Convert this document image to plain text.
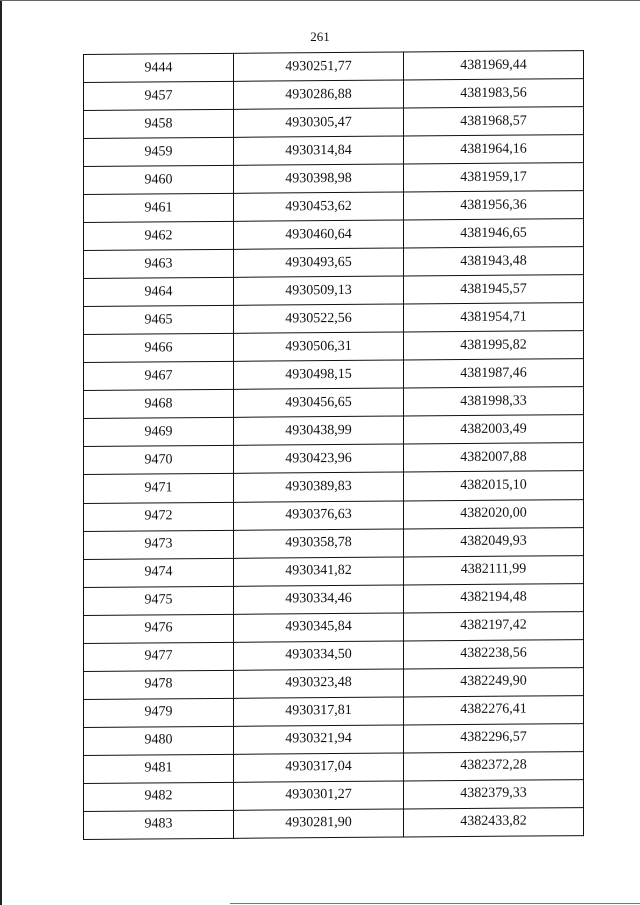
261
9444	4930251,77	4381969,44
9457	4930286,88	4381983,56
9458	4930305,47	4381968,57
9459	4930314,84	4381964,16
9460	4930398,98	4381959,17
9461	4930453,62	4381956,36
9462	4930460,64	4381946,65
9463	4930493,65	4381943,48
9464	4930509,13	4381945,57
9465	4930522,56	4381954,71
9466	4930506,31	4381995,82
9467	4930498,15	4381987,46
9468	4930456,65	4381998,33
9469	4930438,99	4382003,49
9470	4930423,96	4382007,88
9471	4930389,83	4382015,10
9472	4930376,63	4382020,00
9473	4930358,78	4382049,93
9474	4930341,82	4382111,99
9475	4930334,46	4382194,48
9476	4930345,84	4382197,42
9477	4930334,50	4382238,56
9478	4930323,48	4382249,90
9479	4930317,81	4382276,41
9480	4930321,94	4382296,57
9481	4930317,04	4382372,28
9482	4930301,27	4382379,33
9483	4930281,90	4382433,82
